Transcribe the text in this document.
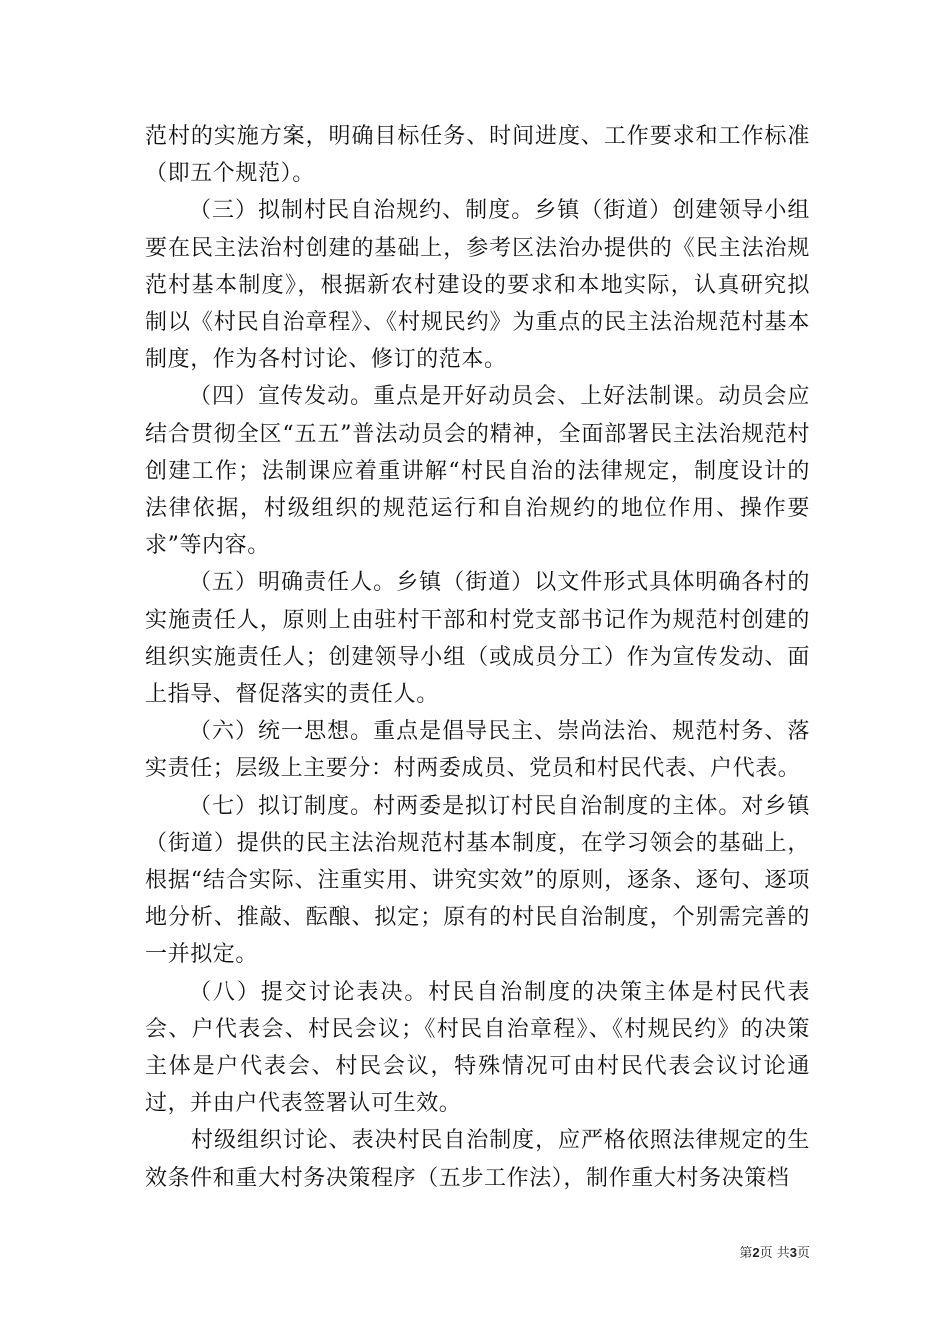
范村的实施方案，明确目标任务、时间进度、工作要求和工作标准（即五个规范）。

（三）拟制村民自治规约、制度。乡镇（街道）创建领导小组要在民主法治村创建的基础上，参考区法治办提供的《民主法治规范村基本制度》，根据新农村建设的要求和本地实际，认真研究拟制以《村民自治章程》、《村规民约》为重点的民主法治规范村基本制度，作为各村讨论、修订的范本。

（四）宣传发动。重点是开好动员会、上好法制课。动员会应结合贯彻全区“五五”普法动员会的精神，全面部署民主法治规范村创建工作；法制课应着重讲解“村民自治的法律规定，制度设计的法律依据，村级组织的规范运行和自治规约的地位作用、操作要求”等内容。

（五）明确责任人。乡镇（街道）以文件形式具体明确各村的实施责任人，原则上由驻村干部和村党支部书记作为规范村创建的组织实施责任人；创建领导小组（或成员分工）作为宣传发动、面上指导、督促落实的责任人。

（六）统一思想。重点是倡导民主、崇尚法治、规范村务、落实责任；层级上主要分：村两委成员、党员和村民代表、户代表。

（七）拟订制度。村两委是拟订村民自治制度的主体。对乡镇（街道）提供的民主法治规范村基本制度，在学习领会的基础上，根据“结合实际、注重实用、讲究实效”的原则，逐条、逐句、逐项地分析、推敲、酝酿、拟定；原有的村民自治制度，个别需完善的一并拟定。

（八）提交讨论表决。村民自治制度的决策主体是村民代表会、户代表会、村民会议；《村民自治章程》、《村规民约》的决策主体是户代表会、村民会议，特殊情况可由村民代表会议讨论通过，并由户代表签署认可生效。

村级组织讨论、表决村民自治制度，应严格依照法律规定的生效条件和重大村务决策程序（五步工作法），制作重大村务决策档

第2页 共3页
